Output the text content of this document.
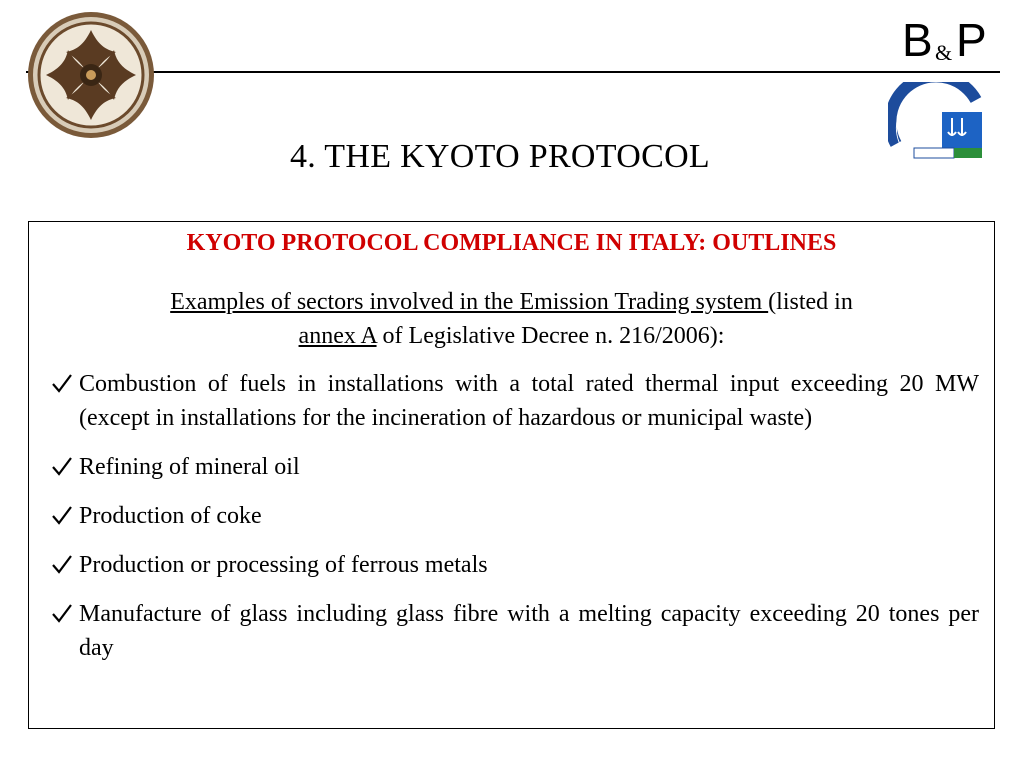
B & P
4. THE KYOTO PROTOCOL
KYOTO PROTOCOL COMPLIANCE IN ITALY: OUTLINES
Examples of sectors involved in the Emission Trading system (listed in
annex A of Legislative Decree n. 216/2006):
Combustion of fuels in installations with a total rated thermal input exceeding 20 MW (except in installations for the incineration of hazardous or municipal waste)
Refining of mineral oil
Production of coke
Production or processing of ferrous metals
Manufacture of glass including glass fibre with a melting capacity exceeding 20 tones per day
